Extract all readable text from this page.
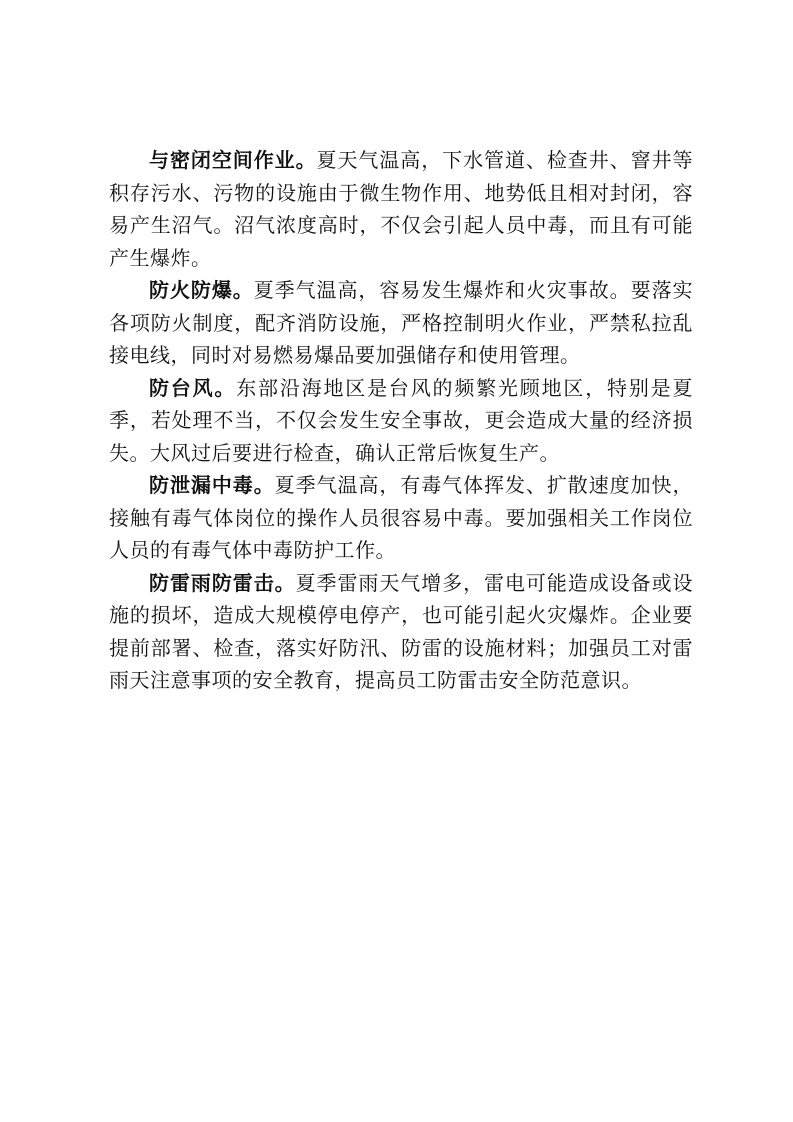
与密闭空间作业。夏天气温高，下水管道、检查井、窨井等积存污水、污物的设施由于微生物作用、地势低且相对封闭，容易产生沼气。沼气浓度高时，不仅会引起人员中毒，而且有可能产生爆炸。

防火防爆。夏季气温高，容易发生爆炸和火灾事故。要落实各项防火制度，配齐消防设施，严格控制明火作业，严禁私拉乱接电线，同时对易燃易爆品要加强储存和使用管理。

防台风。东部沿海地区是台风的频繁光顾地区，特别是夏季，若处理不当，不仅会发生安全事故，更会造成大量的经济损失。大风过后要进行检查，确认正常后恢复生产。

防泄漏中毒。夏季气温高，有毒气体挥发、扩散速度加快，接触有毒气体岗位的操作人员很容易中毒。要加强相关工作岗位人员的有毒气体中毒防护工作。

防雷雨防雷击。夏季雷雨天气增多，雷电可能造成设备或设施的损坏，造成大规模停电停产，也可能引起火灾爆炸。企业要提前部署、检查，落实好防汛、防雷的设施材料；加强员工对雷雨天注意事项的安全教育，提高员工防雷击安全防范意识。
